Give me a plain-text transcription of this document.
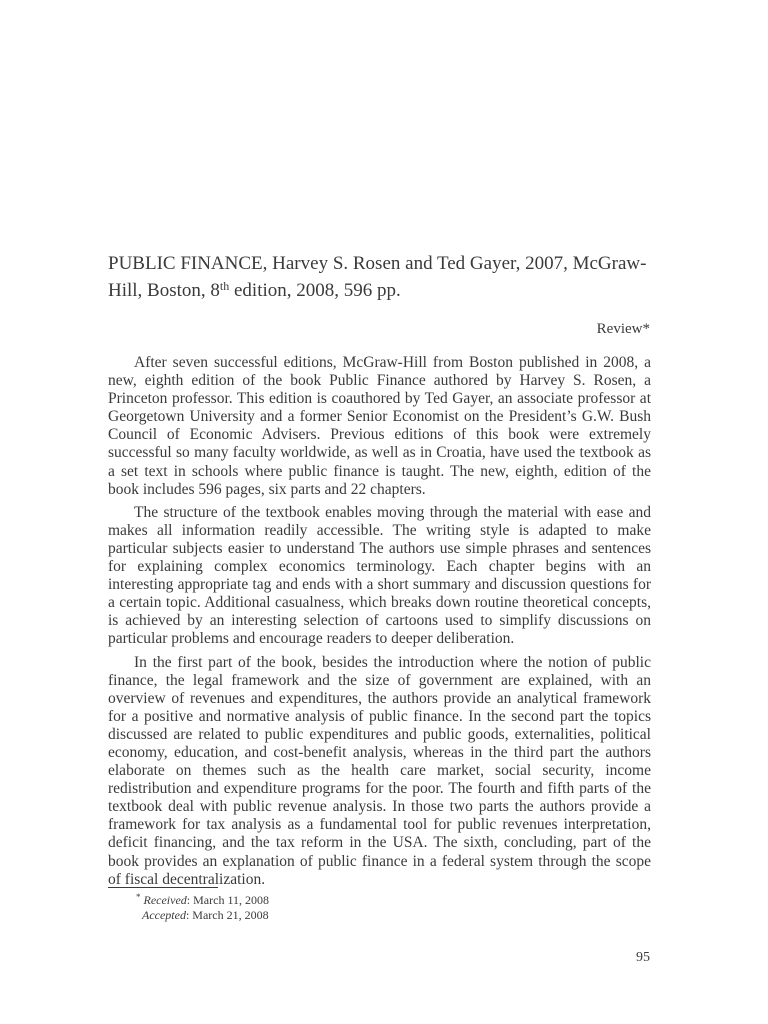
PUBLIC FINANCE, Harvey S. Rosen and Ted Gayer, 2007, McGraw-Hill, Boston, 8th edition, 2008, 596 pp.
Review*

After seven successful editions, McGraw-Hill from Boston published in 2008, a new, eighth edition of the book Public Finance authored by Harvey S. Rosen, a Princeton professor. This edition is coauthored by Ted Gayer, an associate professor at Georgetown University and a former Senior Economist on the President’s G.W. Bush Council of Economic Advisers. Previous editions of this book were extremely successful so many faculty worldwide, as well as in Croatia, have used the textbook as a set text in schools where public finance is taught. The new, eighth, edition of the book includes 596 pages, six parts and 22 chapters.

The structure of the textbook enables moving through the material with ease and makes all information readily accessible. The writing style is adapted to make particular subjects easier to understand The authors use simple phrases and sentences for explaining complex economics terminology. Each chapter begins with an interesting appropriate tag and ends with a short summary and discussion questions for a certain topic. Additional casualness, which breaks down routine theoretical concepts, is achieved by an interesting selection of cartoons used to simplify discussions on particular problems and encourage readers to deeper deliberation.

In the first part of the book, besides the introduction where the notion of public finance, the legal framework and the size of government are explained, with an overview of revenues and expenditures, the authors provide an analytical framework for a positive and normative analysis of public finance. In the second part the topics discussed are related to public expenditures and public goods, externalities, political economy, education, and cost-benefit analysis, whereas in the third part the authors elaborate on themes such as the health care market, social security, income redistribution and expenditure programs for the poor. The fourth and fifth parts of the textbook deal with public revenue analysis. In those two parts the authors provide a framework for tax analysis as a fundamental tool for public revenues interpretation, deficit financing, and the tax reform in the USA. The sixth, concluding, part of the book provides an explanation of public finance in a federal system through the scope of fiscal decentralization.

* Received: March 11, 2008
Accepted: March 21, 2008
95
